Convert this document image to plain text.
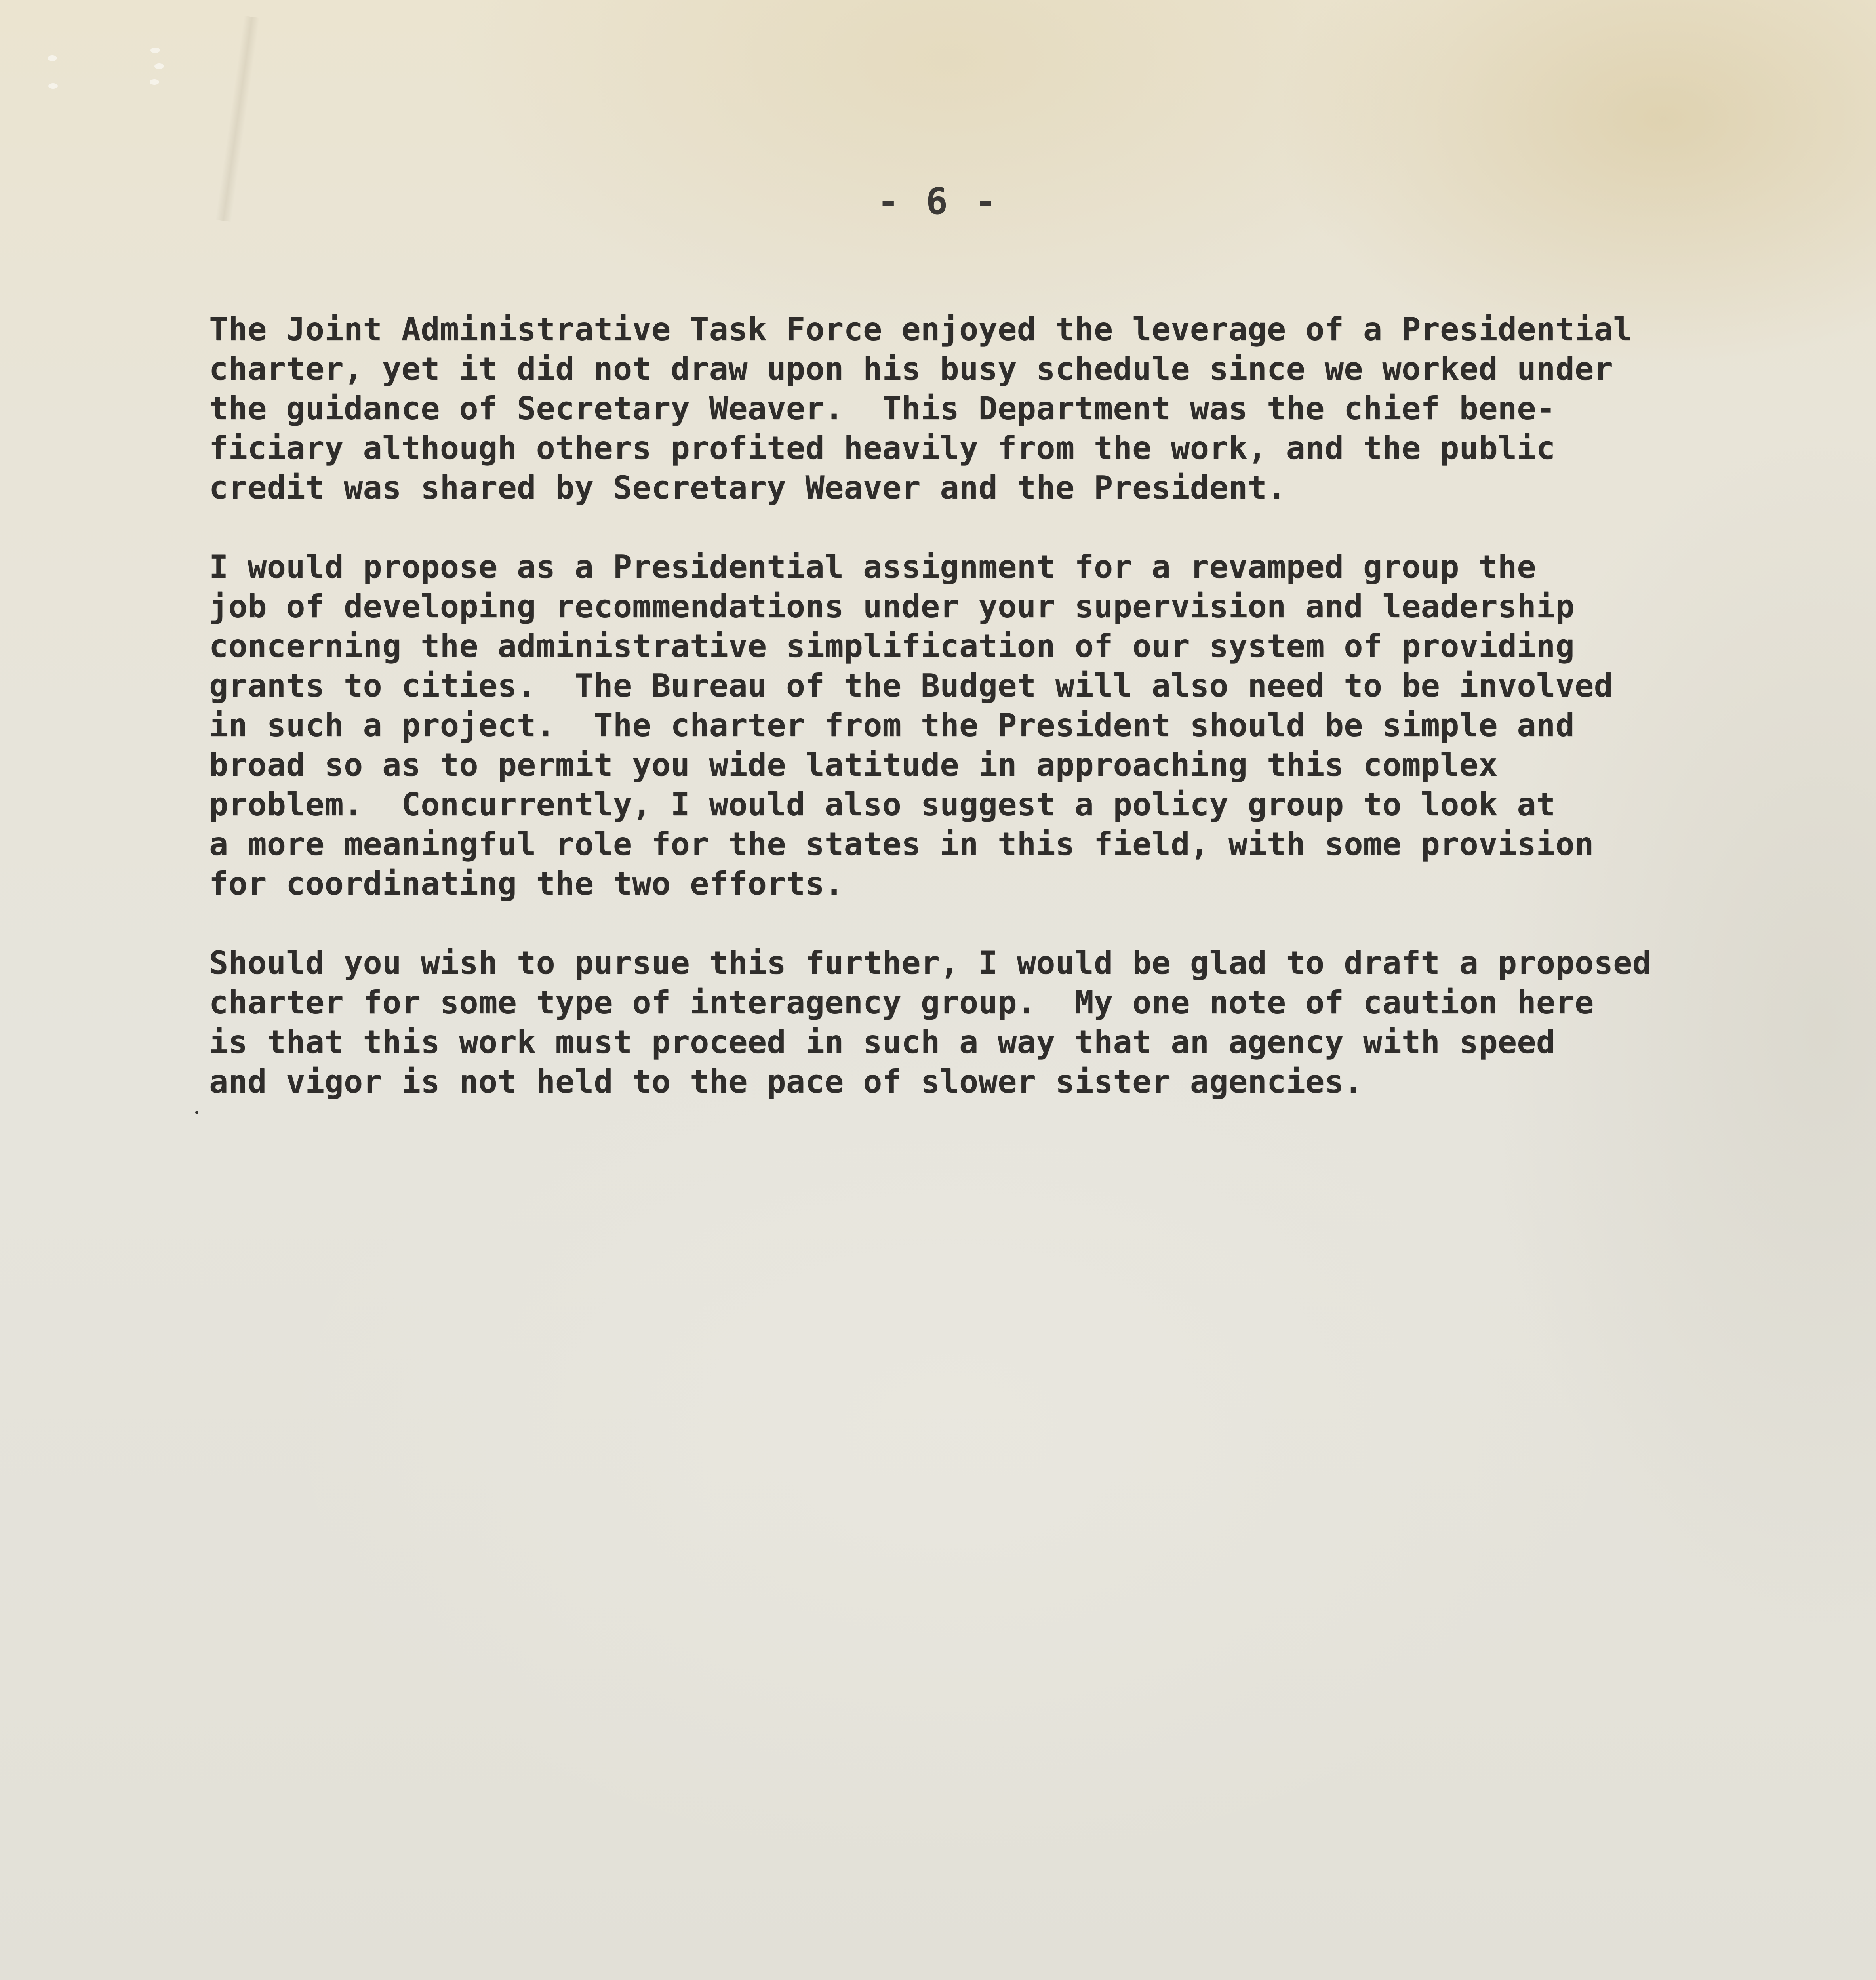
- 6 -

The Joint Administrative Task Force enjoyed the leverage of a Presidential

charter, yet it did not draw upon his busy schedule since we worked under

the guidance of Secretary Weaver.  This Department was the chief bene-

ficiary although others profited heavily from the work, and the public

credit was shared by Secretary Weaver and the President.

I would propose as a Presidential assignment for a revamped group the

job of developing recommendations under your supervision and leadership

concerning the administrative simplification of our system of providing

grants to cities.  The Bureau of the Budget will also need to be involved

in such a project.  The charter from the President should be simple and

broad so as to permit you wide latitude in approaching this complex

problem.  Concurrently, I would also suggest a policy group to look at

a more meaningful role for the states in this field, with some provision

for coordinating the two efforts.

Should you wish to pursue this further, I would be glad to draft a proposed

charter for some type of interagency group.  My one note of caution here

is that this work must proceed in such a way that an agency with speed

and vigor is not held to the pace of slower sister agencies.
